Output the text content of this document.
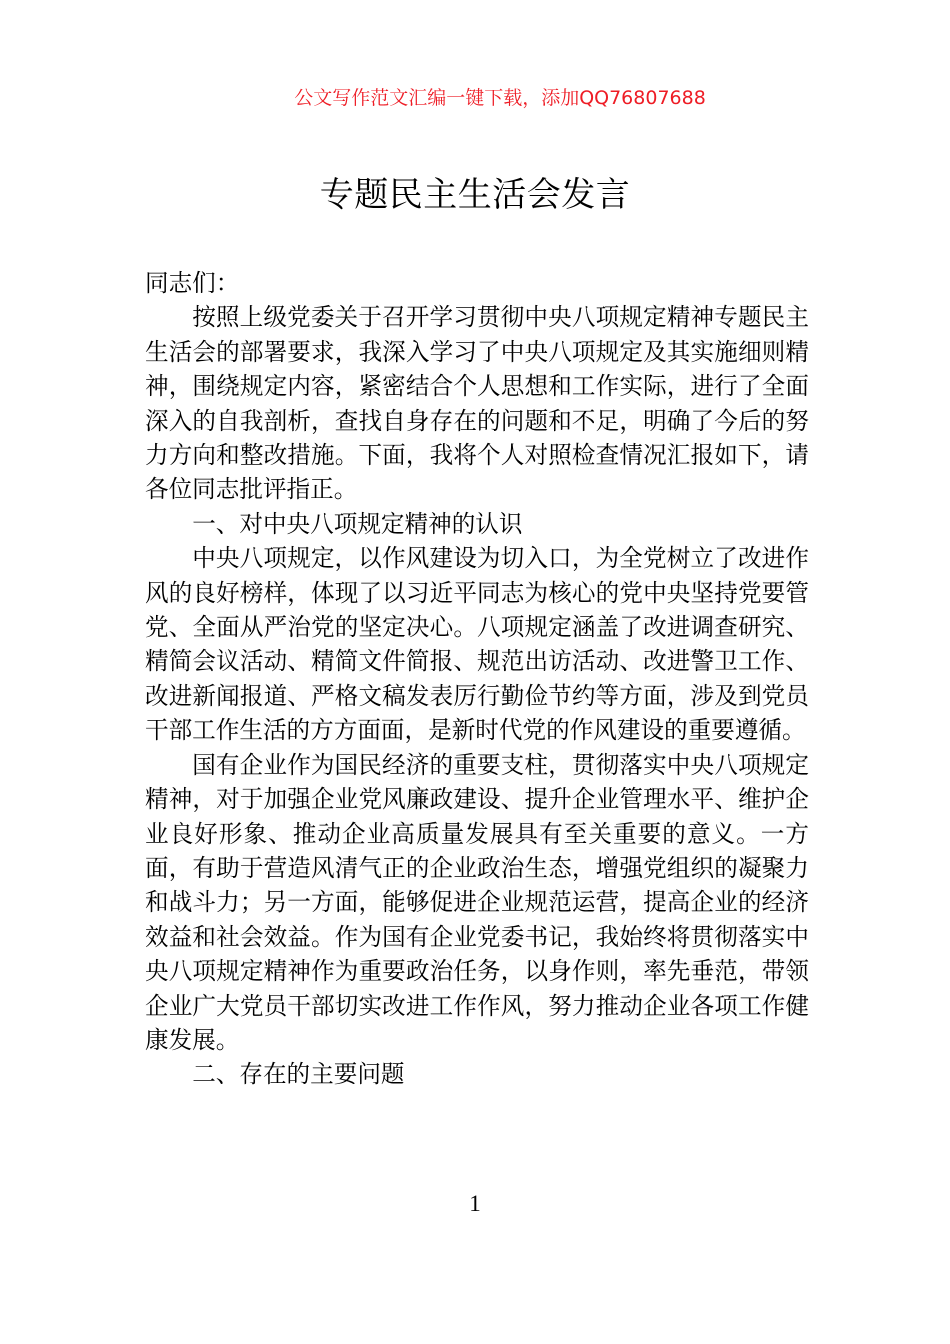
公文写作范文汇编一键下载，添加QQ76807688
专题民主生活会发言

同志们：

按照上级党委关于召开学习贯彻中央八项规定精神专题民主生活会的部署要求，我深入学习了中央八项规定及其实施细则精神，围绕规定内容，紧密结合个人思想和工作实际，进行了全面深入的自我剖析，查找自身存在的问题和不足，明确了今后的努力方向和整改措施。下面，我将个人对照检查情况汇报如下，请各位同志批评指正。

一、对中央八项规定精神的认识

中央八项规定，以作风建设为切入口，为全党树立了改进作风的良好榜样，体现了以习近平同志为核心的党中央坚持党要管党、全面从严治党的坚定决心。八项规定涵盖了改进调查研究、精简会议活动、精简文件简报、规范出访活动、改进警卫工作、改进新闻报道、严格文稿发表厉行勤俭节约等方面，涉及到党员干部工作生活的方方面面，是新时代党的作风建设的重要遵循。

国有企业作为国民经济的重要支柱，贯彻落实中央八项规定精神，对于加强企业党风廉政建设、提升企业管理水平、维护企业良好形象、推动企业高质量发展具有至关重要的意义。一方面，有助于营造风清气正的企业政治生态，增强党组织的凝聚力和战斗力；另一方面，能够促进企业规范运营，提高企业的经济效益和社会效益。作为国有企业党委书记，我始终将贯彻落实中央八项规定精神作为重要政治任务，以身作则，率先垂范，带领企业广大党员干部切实改进工作作风，努力推动企业各项工作健康发展。

二、存在的主要问题

1
